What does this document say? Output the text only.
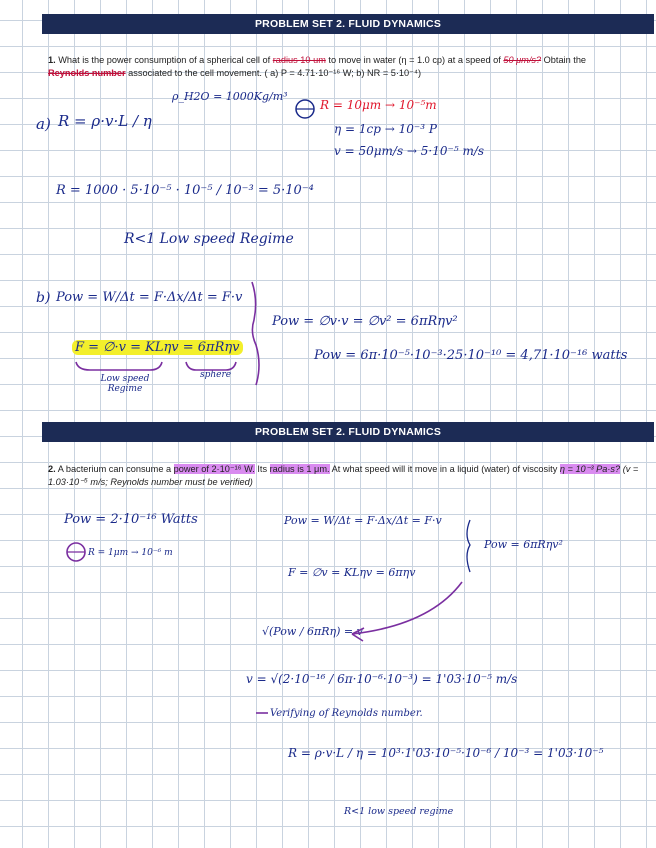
PROBLEM SET 2. FLUID DYNAMICS
1. What is the power consumption of a spherical cell of radius 10 um to move in water (η = 1.0 cp) at a speed of 50 μm/s? Obtain the Reynolds number associated to the cell movement. ( a) P = 4.71·10⁻¹⁶ W; b) NR = 5·10⁻⁴)
ρ_H2O = 1000Kg/m³
a) R = ρ·v·L / η
R = 10μm → 10⁻⁵m
η = 1cp → 10⁻³ P
v = 50μm/s → 5·10⁻⁵ m/s
R = 1000 · 5·10⁻⁵ · 10⁻⁵ / 10⁻³ = 5·10⁻⁴
R<1 Low speed Regime
b) Pow = W/Δt = F·Δx/Δt = F·v
F = ∅·v = KLηv = 6πRηv
Low speed Regime
sphere
Pow = ∅v·v = ∅v² = 6πRηv²
Pow = 6π·10⁻⁵·10⁻³·25·10⁻¹⁰ = 4,71·10⁻¹⁶ watts
PROBLEM SET 2. FLUID DYNAMICS
2. A bacterium can consume a power of 2·10⁻¹⁶ W. Its radius is 1 μm. At what speed will it move in a liquid (water) of viscosity η = 10⁻³ Pa·s? (v = 1.03·10⁻⁵ m/s; Reynolds number must be verified)
Pow = 2·10⁻¹⁶ Watts
R = 1μm → 10⁻⁶ m
Pow = W/Δt = F·Δx/Δt = F·v
Pow = 6πRηv²
F = ∅v = KLηv = 6πηv
√(Pow / 6πRη) = v
v = √(2·10⁻¹⁶ / 6π·10⁻⁶·10⁻³) = 1'03·10⁻⁵ m/s
Verifying of Reynolds number.
R = ρ·v·L / η = 10³·1'03·10⁻⁵·10⁻⁶ / 10⁻³ = 1'03·10⁻⁵
R<1 low speed regime
